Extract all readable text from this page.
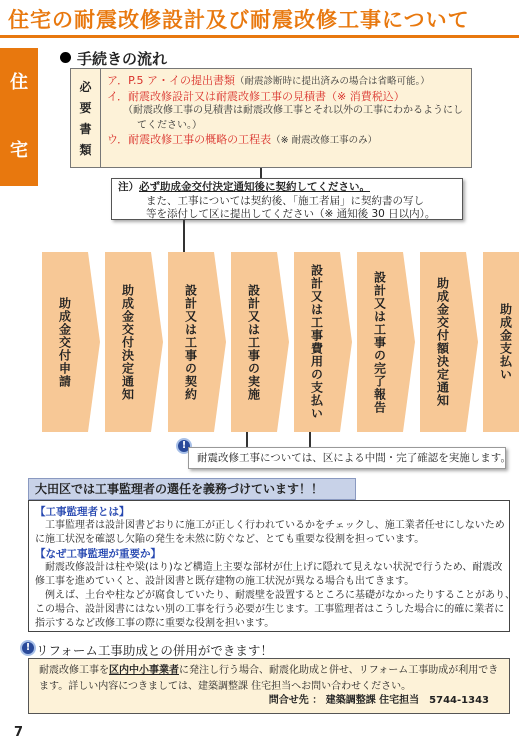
住宅の耐震改修設計及び耐震改修工事について
住
宅
手続きの流れ
必
要
書
類
ア．P.5 ア・イの提出書類（耐震診断時に提出済みの場合は省略可能。）
イ．耐震改修設計又は耐震改修工事の見積書（※ 消費税込）
（耐震改修工事の見積書は耐震改修工事とそれ以外の工事にわかるようにし
てください。）
ウ．耐震改修工事の概略の工程表（※ 耐震改修工事のみ）
注）必ず助成金交付決定通知後に契約してください。
また、工事については契約後、「施工者届」に契約書の写し
等を添付して区に提出してください（※ 通知後 30 日以内）。
助成金交付申請	助成金交付決定通知	設計又は工事の契約	設計又は工事の実施	設計又は工事費用の支払い	設計又は工事の完了報告	助成金交付額決定通知	助成金支払い
!
耐震改修工事については、区による中間・完了確認を実施します。
大田区では工事監理者の選任を義務づけています！！
【工事監理者とは】

工事監理者は設計図書どおりに施工が正しく行われているかをチェックし、施工業者任せにしないため

に施工状況を確認し欠陥の発生を未然に防ぐなど、とても重要な役割を担っています。

【なぜ工事監理が重要か】

耐震改修設計は柱や梁(はり)など構造上主要な部材が仕上げに隠れて見えない状況で行うため、耐震改

修工事を進めていくと、設計図書と既存建物の施工状況が異なる場合も出てきます。

例えば、土台や柱などが腐食していたり、耐震壁を設置するところに基礎がなかったりすることがあり、

この場合、設計図書にはない別の工事を行う必要が生じます。工事監理者はこうした場合に的確に業者に

指示するなど改修工事の際に重要な役割を担います。

! リフォーム工事助成との併用ができます！

耐震改修工事を区内中小事業者に発注し行う場合、耐震化助成と併せ、リフォーム工事助成が利用でき

ます。詳しい内容につきましては、建築調整課 住宅担当へお問い合わせください。

問合せ先 ： 建築調整課 住宅担当　5744-1343
7
